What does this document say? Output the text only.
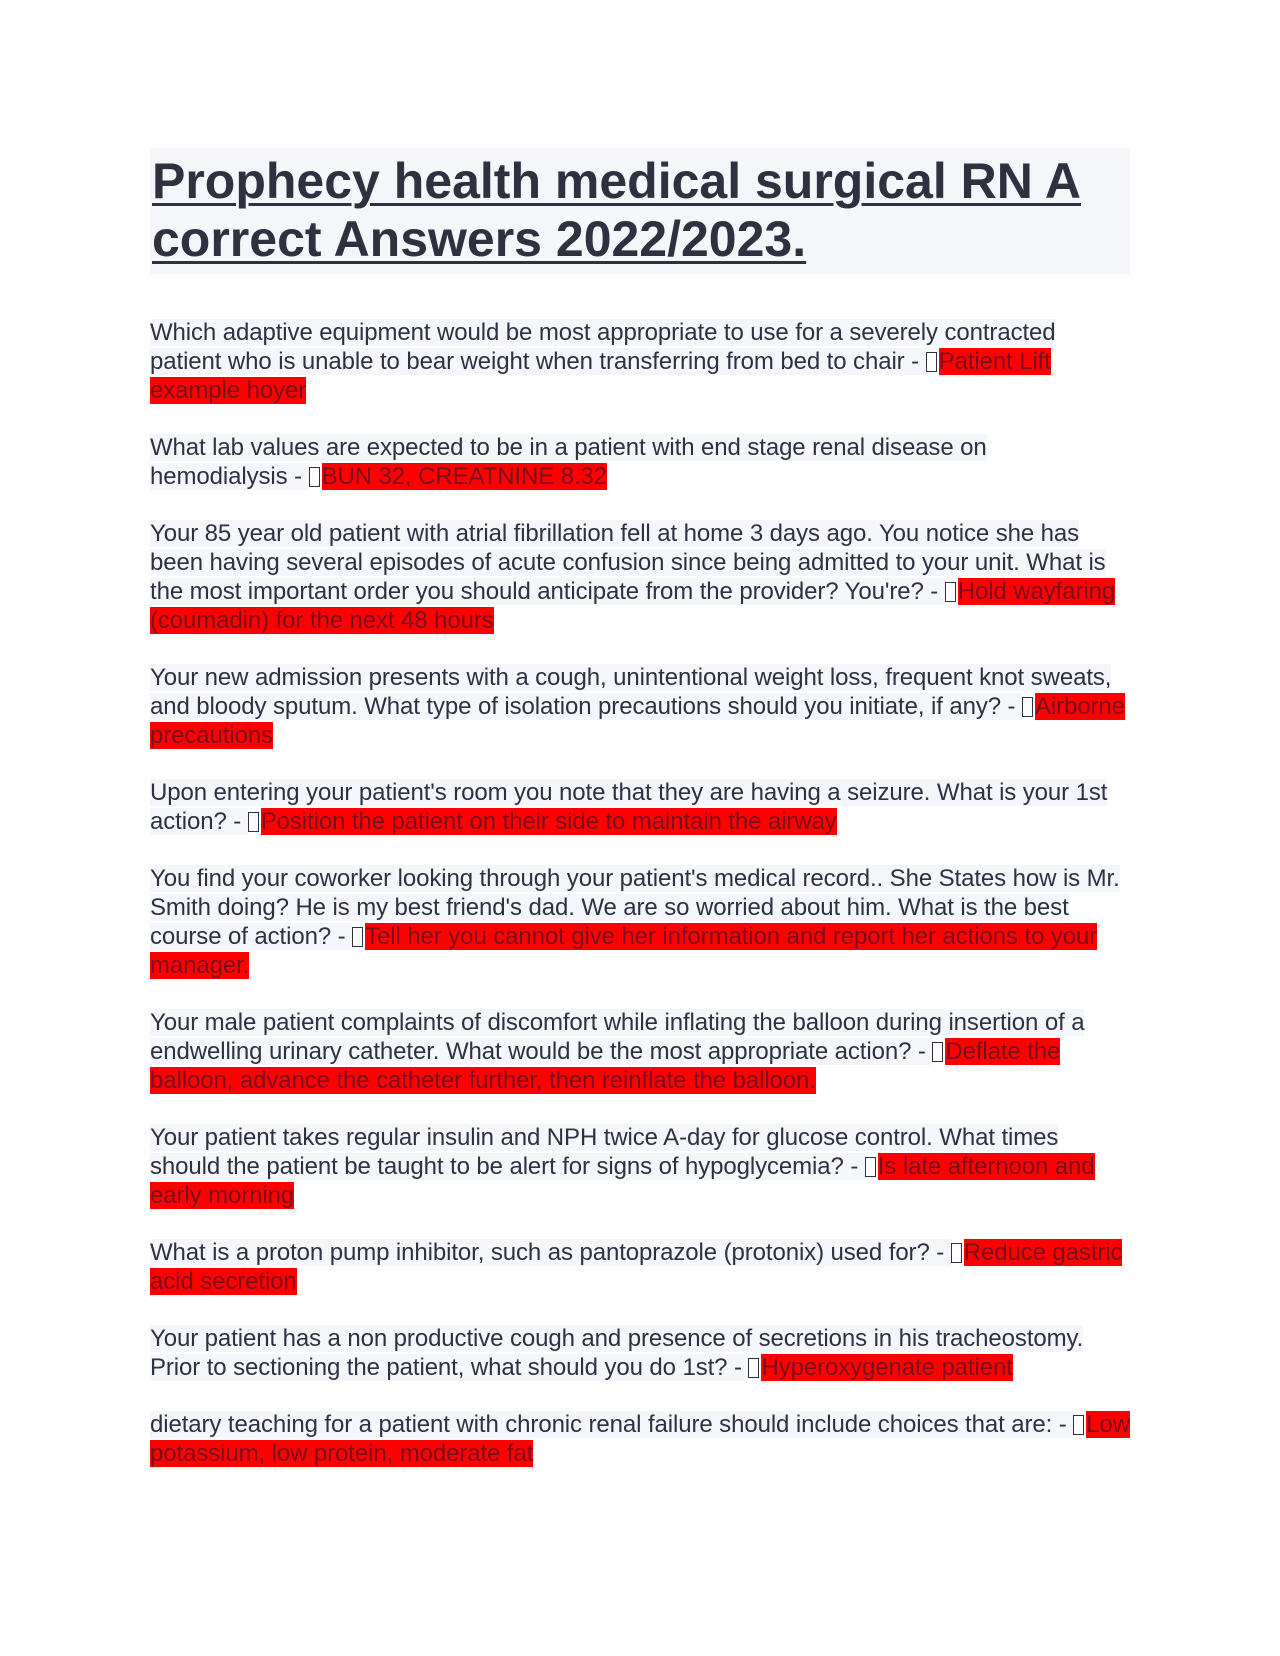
Prophecy health medical surgical RN A correct Answers 2022/2023.

Which adaptive equipment would be most appropriate to use for a severely contracted patient who is unable to bear weight when transferring from bed to chair - Patient Lift example hoyer

What lab values are expected to be in a patient with end stage renal disease on hemodialysis - BUN 32, CREATNINE 8.32

Your 85 year old patient with atrial fibrillation fell at home 3 days ago. You notice she has been having several episodes of acute confusion since being admitted to your unit. What is the most important order you should anticipate from the provider? You're? - Hold wayfaring (coumadin) for the next 48 hours

Your new admission presents with a cough, unintentional weight loss, frequent knot sweats, and bloody sputum. What type of isolation precautions should you initiate, if any? - Airborne precautions

Upon entering your patient's room you note that they are having a seizure. What is your 1st action? - Position the patient on their side to maintain the airway

You find your coworker looking through your patient's medical record.. She States how is Mr. Smith doing? He is my best friend's dad. We are so worried about him. What is the best course of action? - Tell her you cannot give her information and report her actions to your manager.

Your male patient complaints of discomfort while inflating the balloon during insertion of a endwelling urinary catheter. What would be the most appropriate action? - Deflate the balloon, advance the catheter further, then reinflate the balloon.

Your patient takes regular insulin and NPH twice A-day for glucose control. What times should the patient be taught to be alert for signs of hypoglycemia? - Is late afternoon and early morning

What is a proton pump inhibitor, such as pantoprazole (protonix) used for? - Reduce gastric acid secretion

Your patient has a non productive cough and presence of secretions in his tracheostomy. Prior to sectioning the patient, what should you do 1st? - Hyperoxygenate patient

dietary teaching for a patient with chronic renal failure should include choices that are: - Low potassium, low protein, moderate fat
